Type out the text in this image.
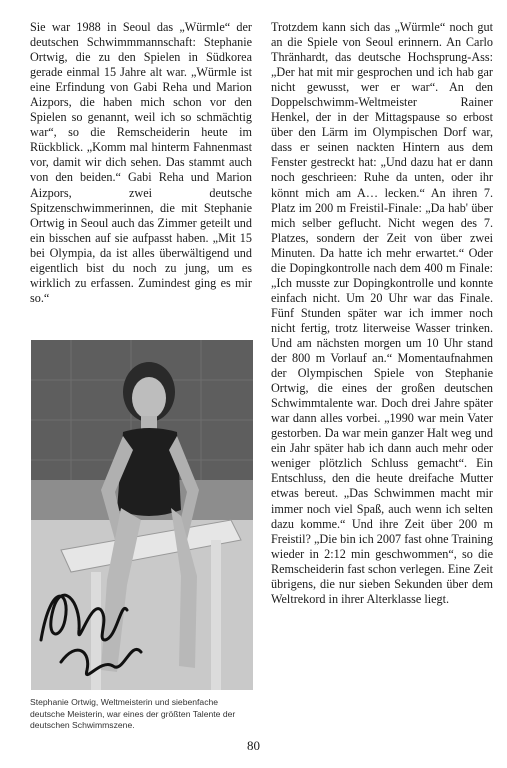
Sie war 1988 in Seoul das „Würmle“ der deutschen Schwimmmannschaft: Stephanie Ortwig, die zu den Spielen in Südkorea gerade einmal 15 Jahre alt war. „Würmle ist eine Erfindung von Gabi Reha und Marion Aizpors, die haben mich schon vor den Spielen so genannt, weil ich so schmächtig war“, so die Remscheiderin heute im Rückblick. „Komm mal hinterm Fahnenmast vor, damit wir dich sehen. Das stammt auch von den beiden.“ Gabi Reha und Marion Aizpors, zwei deutsche Spitzenschwimmerinnen, die mit Stephanie Ortwig in Seoul auch das Zimmer geteilt und ein bisschen auf sie aufpasst haben. „Mit 15 bei Olympia, da ist alles überwältigend und eigentlich bist du noch zu jung, um es wirklich zu erfassen. Zumindest ging es mir so.“

Stephanie Ortwig, Weltmeisterin und siebenfache deutsche Meisterin, war eines der größten Talente der deutschen Schwimmszene.

Trotzdem kann sich das „Würmle“ noch gut an die Spiele von Seoul erinnern. An Carlo Thränhardt, das deutsche Hochsprung-Ass: „Der hat mit mir gesprochen und ich hab gar nicht gewusst, wer er war“. An den Doppelschwimm-Weltmeister Rainer Henkel, der in der Mittagspause so erbost über den Lärm im Olympischen Dorf war, dass er seinen nackten Hintern aus dem Fenster gestreckt hat: „Und dazu hat er dann noch geschrieen: Ruhe da unten, oder ihr könnt mich am A… lecken.“ An ihren 7. Platz im 200 m Freistil-Finale: „Da hab' über mich selber geflucht. Nicht wegen des 7. Platzes, sondern der Zeit von über zwei Minuten. Da hatte ich mehr erwartet.“ Oder die Dopingkontrolle nach dem 400 m Finale: „Ich musste zur Dopingkontrolle und konnte einfach nicht. Um 20 Uhr war das Finale. Fünf Stunden später war ich immer noch nicht fertig, trotz literweise Wasser trinken. Und am nächsten morgen um 10 Uhr stand der 800 m Vorlauf an.“ Momentaufnahmen der Olympischen Spiele von Stephanie Ortwig, die eines der großen deutschen Schwimmtalente war. Doch drei Jahre später war dann alles vorbei. „1990 war mein Vater gestorben. Da war mein ganzer Halt weg und ein Jahr später hab ich dann auch mehr oder weniger plötzlich Schluss gemacht“. Ein Entschluss, den die heute dreifache Mutter etwas bereut. „Das Schwimmen macht mir immer noch viel Spaß, auch wenn ich selten dazu komme.“ Und ihre Zeit über 200 m Freistil? „Die bin ich 2007 fast ohne Training wieder in 2:12 min geschwommen“, so die Remscheiderin fast schon verlegen. Eine Zeit übrigens, die nur sieben Sekunden über dem Weltrekord in ihrer Alterklasse liegt.

80
